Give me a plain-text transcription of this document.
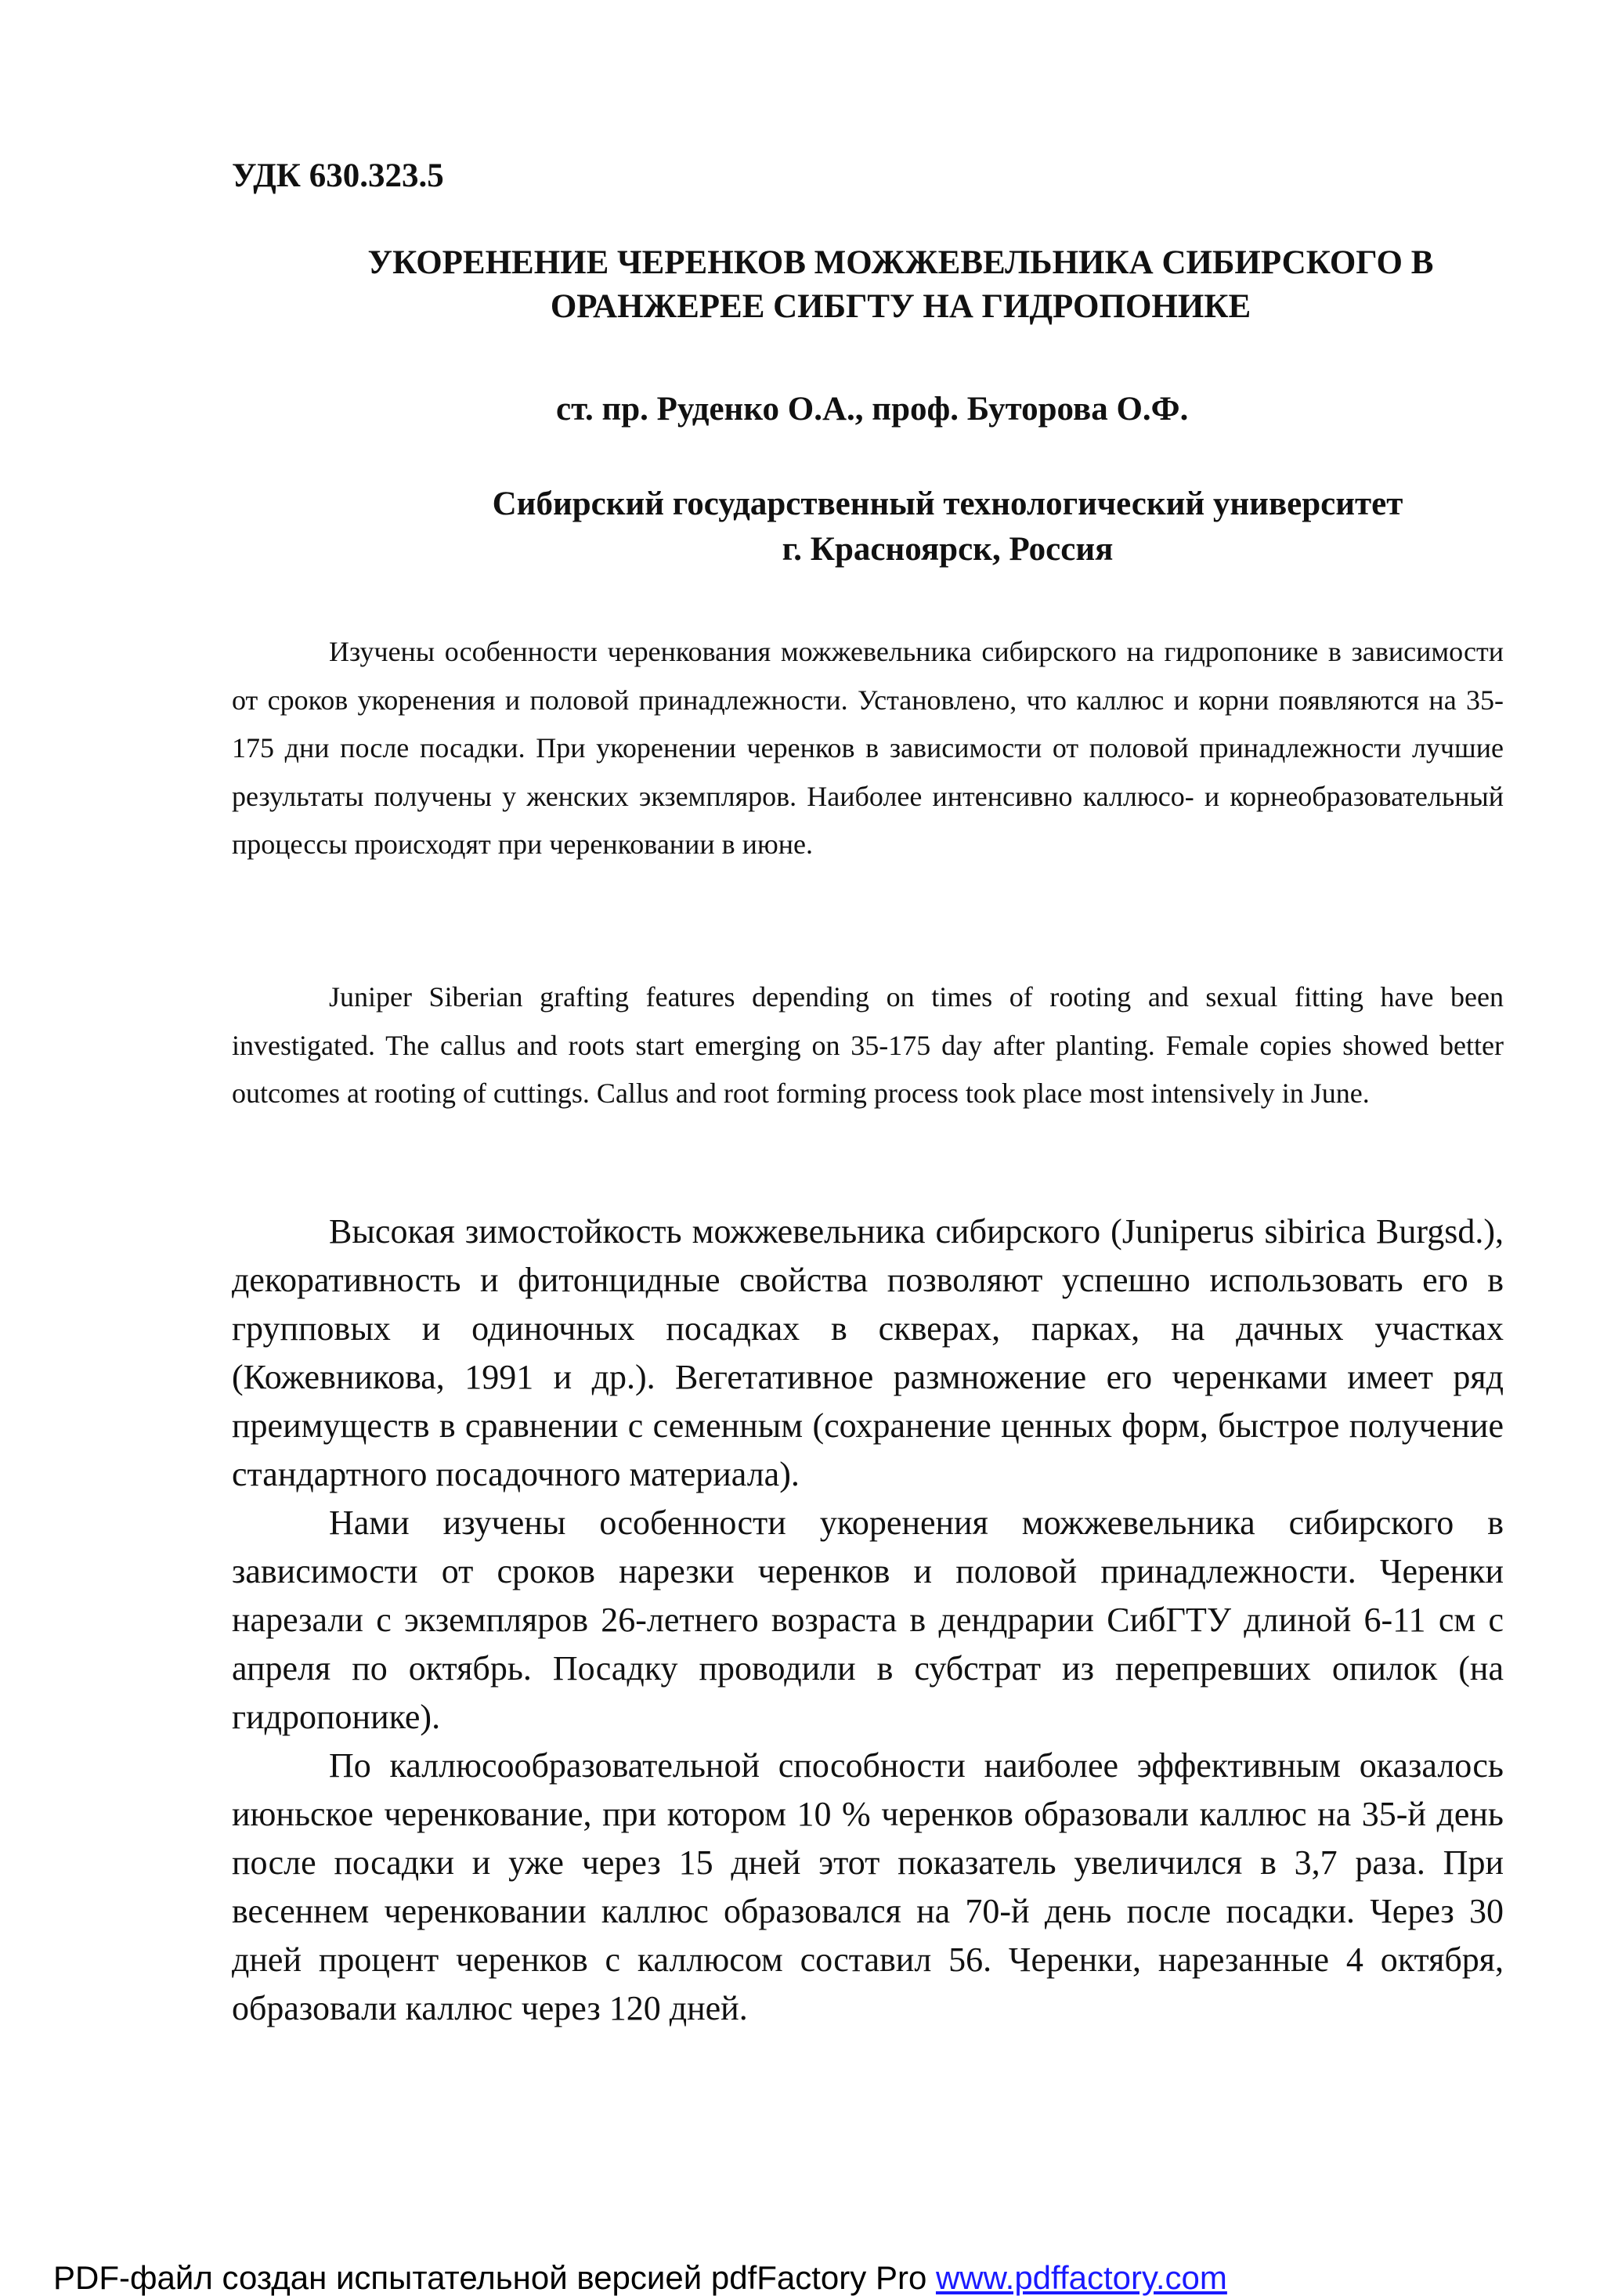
УДК 630.323.5

УКОРЕНЕНИЕ ЧЕРЕНКОВ МОЖЖЕВЕЛЬНИКА СИБИРСКОГО В
ОРАНЖЕРЕЕ СИБГТУ НА ГИДРОПОНИКЕ

ст. пр. Руденко О.А., проф. Буторова О.Ф.

Сибирский государственный технологический университет
г. Красноярск, Россия

Изучены особенности черенкования можжевельника сибирского на гидропонике в зависимости от сроков укоренения и половой принадлежности. Установлено, что каллюс и корни появляются на 35-175 дни после посадки. При укоренении черенков в зависимости от половой принадлежности лучшие результаты получены у женских экземпляров. Наиболее интенсивно каллюсо- и корнеобразовательный процессы происходят при черенковании в июне.

Juniper Siberian grafting features depending on times of rooting and sexual fitting have been investigated. The callus and roots start emerging on 35-175 day after planting. Female copies showed better outcomes at rooting of cuttings. Callus and root forming process took place most intensively in June.

Высокая зимостойкость можжевельника сибирского (Juniperus sibirica Burgsd.), декоративность и фитонцидные свойства позволяют успешно использовать его в групповых и одиночных посадках в скверах, парках, на дачных участках (Кожевникова, 1991 и др.). Вегетативное размножение его черенками имеет ряд преимуществ в сравнении с семенным (сохранение ценных форм, быстрое получение стандартного посадочного материала).

Нами изучены особенности укоренения можжевельника сибирского в зависимости от сроков нарезки черенков и половой принадлежности. Черенки нарезали с экземпляров 26-летнего возраста в дендрарии СибГТУ длиной 6-11 см с апреля по октябрь. Посадку проводили в субстрат из перепревших опилок (на гидропонике).

По каллюсообразовательной способности наиболее эффективным оказалось июньское черенкование, при котором 10 % черенков образовали каллюс на 35-й день после посадки и уже через 15 дней этот показатель увеличился в 3,7 раза. При весеннем черенковании каллюс образовался на 70-й день после посадки. Через 30 дней процент черенков с каллюсом составил 56. Черенки, нарезанные 4 октября, образовали каллюс через 120 дней.

PDF-файл создан испытательной версией pdfFactory Pro www.pdffactory.com
